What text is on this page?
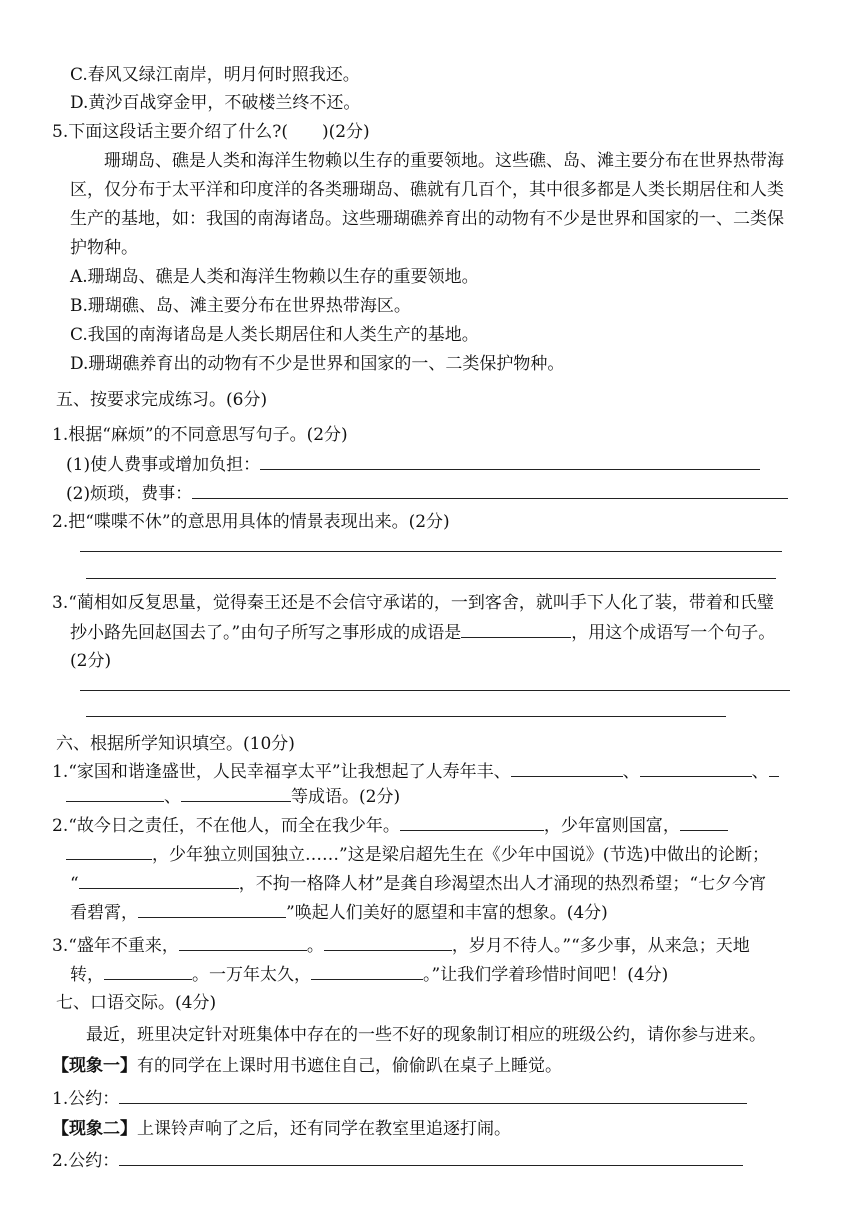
C.春风又绿江南岸，明月何时照我还。
D.黄沙百战穿金甲，不破楼兰终不还。
5.下面这段话主要介绍了什么?( )(2分)
珊瑚岛、礁是人类和海洋生物赖以生存的重要领地。这些礁、岛、滩主要分布在世界热带海
区，仅分布于太平洋和印度洋的各类珊瑚岛、礁就有几百个，其中很多都是人类长期居住和人类
生产的基地，如：我国的南海诸岛。这些珊瑚礁养育出的动物有不少是世界和国家的一、二类保
护物种。
A.珊瑚岛、礁是人类和海洋生物赖以生存的重要领地。
B.珊瑚礁、岛、滩主要分布在世界热带海区。
C.我国的南海诸岛是人类长期居住和人类生产的基地。
D.珊瑚礁养育出的动物有不少是世界和国家的一、二类保护物种。
五、按要求完成练习。(6分)
1.根据“麻烦”的不同意思写句子。(2分)
(1)使人费事或增加负担：
(2)烦琐，费事：
2.把“喋喋不休”的意思用具体的情景表现出来。(2分)
3.“蔺相如反复思量，觉得秦王还是不会信守承诺的，一到客舍，就叫手下人化了装，带着和氏璧
抄小路先回赵国去了。”由句子所写之事形成的成语是	，用这个成语写一个句子。
(2分)
六、根据所学知识填空。(10分)
1.“家国和谐逢盛世，人民幸福享太平”让我想起了人寿年丰、	、	、
、	等成语。(2分)
2.“故今日之责任，不在他人，而全在我少年。	，少年富则国富，
，少年独立则国独立……”这是梁启超先生在《少年中国说》(节选)中做出的论断；
“	，不拘一格降人材”是龚自珍渴望杰出人才涌现的热烈希望；“七夕今宵
看碧霄，	”唤起人们美好的愿望和丰富的想象。(4分)
3.“盛年不重来，	。	，岁月不待人。”“多少事，从来急；天地
转，	。一万年太久，	。”让我们学着珍惜时间吧！(4分)
七、口语交际。(4分)
最近，班里决定针对班集体中存在的一些不好的现象制订相应的班级公约，请你参与进来。
【现象一】有的同学在上课时用书遮住自己，偷偷趴在桌子上睡觉。
1.公约：
【现象二】上课铃声响了之后，还有同学在教室里追逐打闹。
2.公约：
